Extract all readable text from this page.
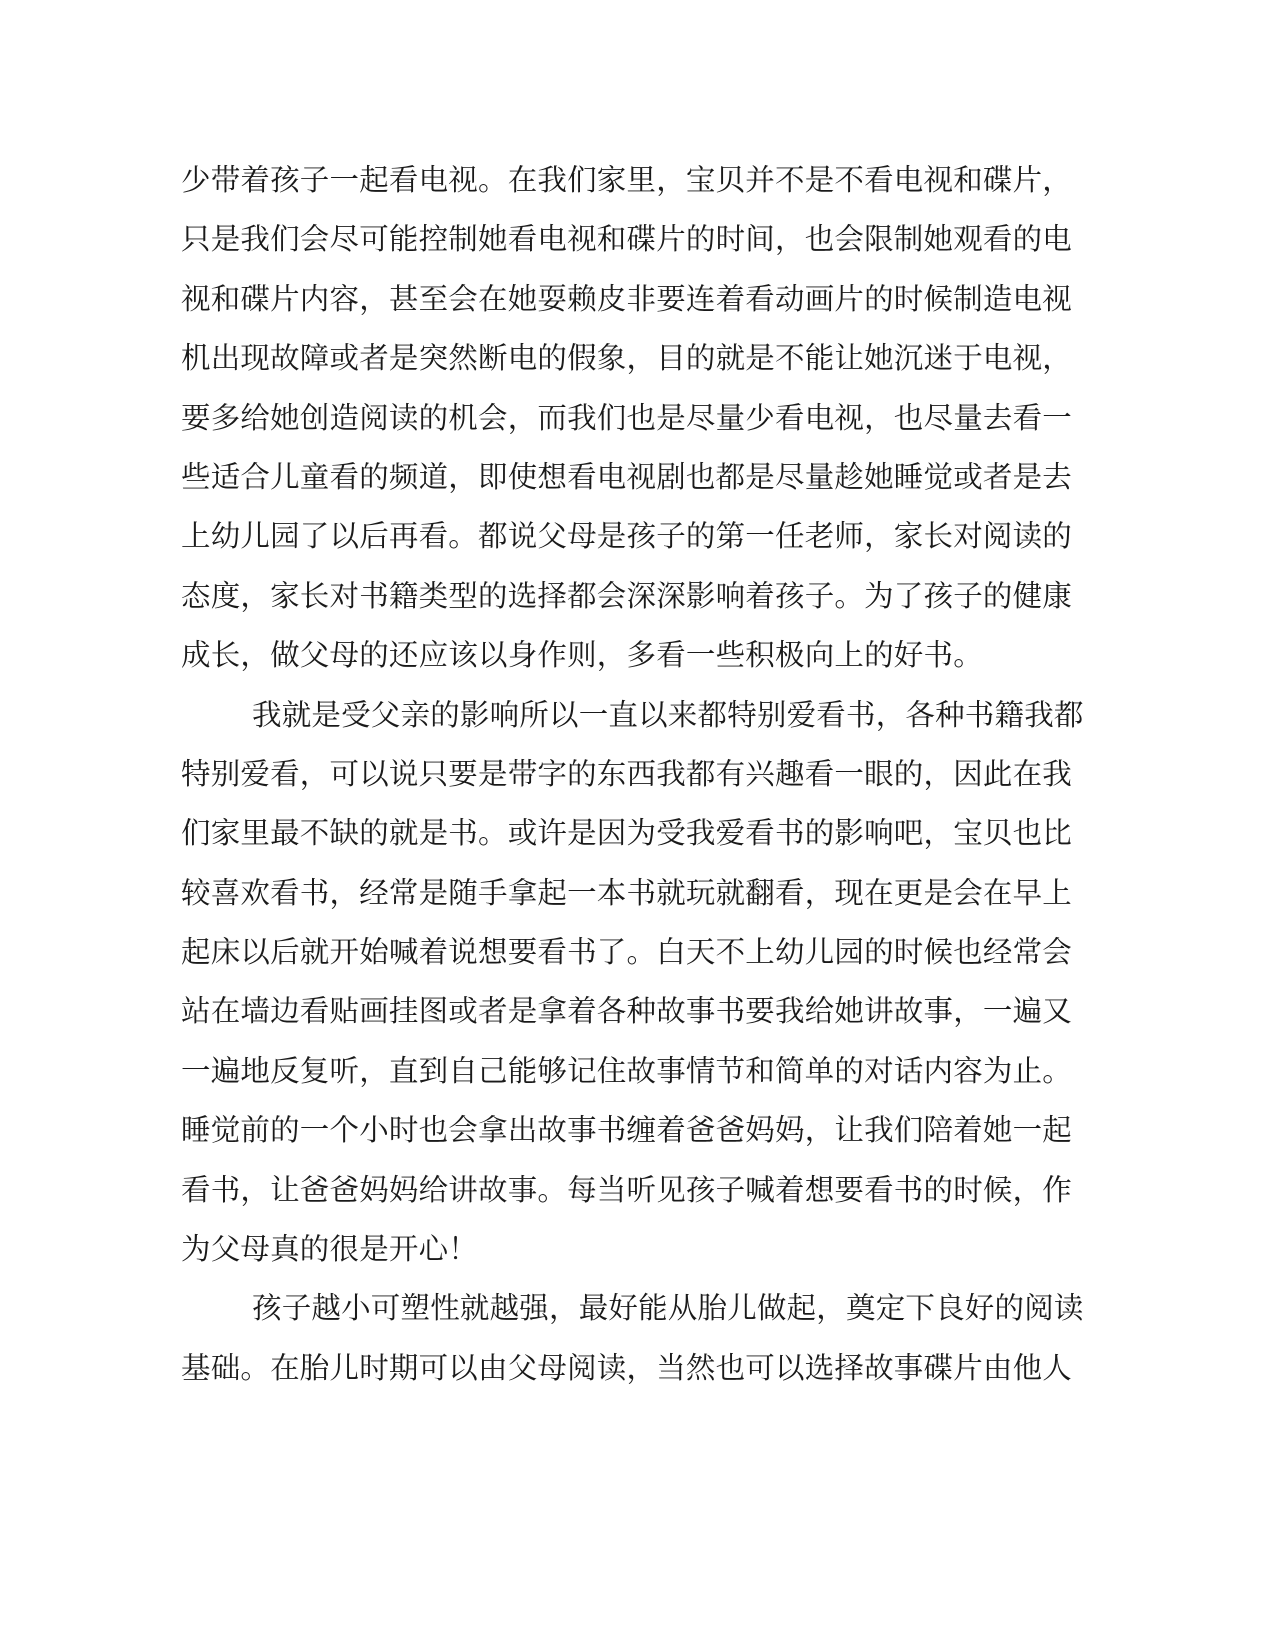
少带着孩子一起看电视。在我们家里，宝贝并不是不看电视和碟片，
只是我们会尽可能控制她看电视和碟片的时间，也会限制她观看的电
视和碟片内容，甚至会在她耍赖皮非要连着看动画片的时候制造电视
机出现故障或者是突然断电的假象，目的就是不能让她沉迷于电视，
要多给她创造阅读的机会，而我们也是尽量少看电视，也尽量去看一
些适合儿童看的频道，即使想看电视剧也都是尽量趁她睡觉或者是去
上幼儿园了以后再看。都说父母是孩子的第一任老师，家长对阅读的
态度，家长对书籍类型的选择都会深深影响着孩子。为了孩子的健康
成长，做父母的还应该以身作则，多看一些积极向上的好书。
我就是受父亲的影响所以一直以来都特别爱看书，各种书籍我都
特别爱看，可以说只要是带字的东西我都有兴趣看一眼的，因此在我
们家里最不缺的就是书。或许是因为受我爱看书的影响吧，宝贝也比
较喜欢看书，经常是随手拿起一本书就玩就翻看，现在更是会在早上
起床以后就开始喊着说想要看书了。白天不上幼儿园的时候也经常会
站在墙边看贴画挂图或者是拿着各种故事书要我给她讲故事，一遍又
一遍地反复听，直到自己能够记住故事情节和简单的对话内容为止。
睡觉前的一个小时也会拿出故事书缠着爸爸妈妈，让我们陪着她一起
看书，让爸爸妈妈给讲故事。每当听见孩子喊着想要看书的时候，作
为父母真的很是开心！
孩子越小可塑性就越强，最好能从胎儿做起，奠定下良好的阅读
基础。在胎儿时期可以由父母阅读，当然也可以选择故事碟片由他人
